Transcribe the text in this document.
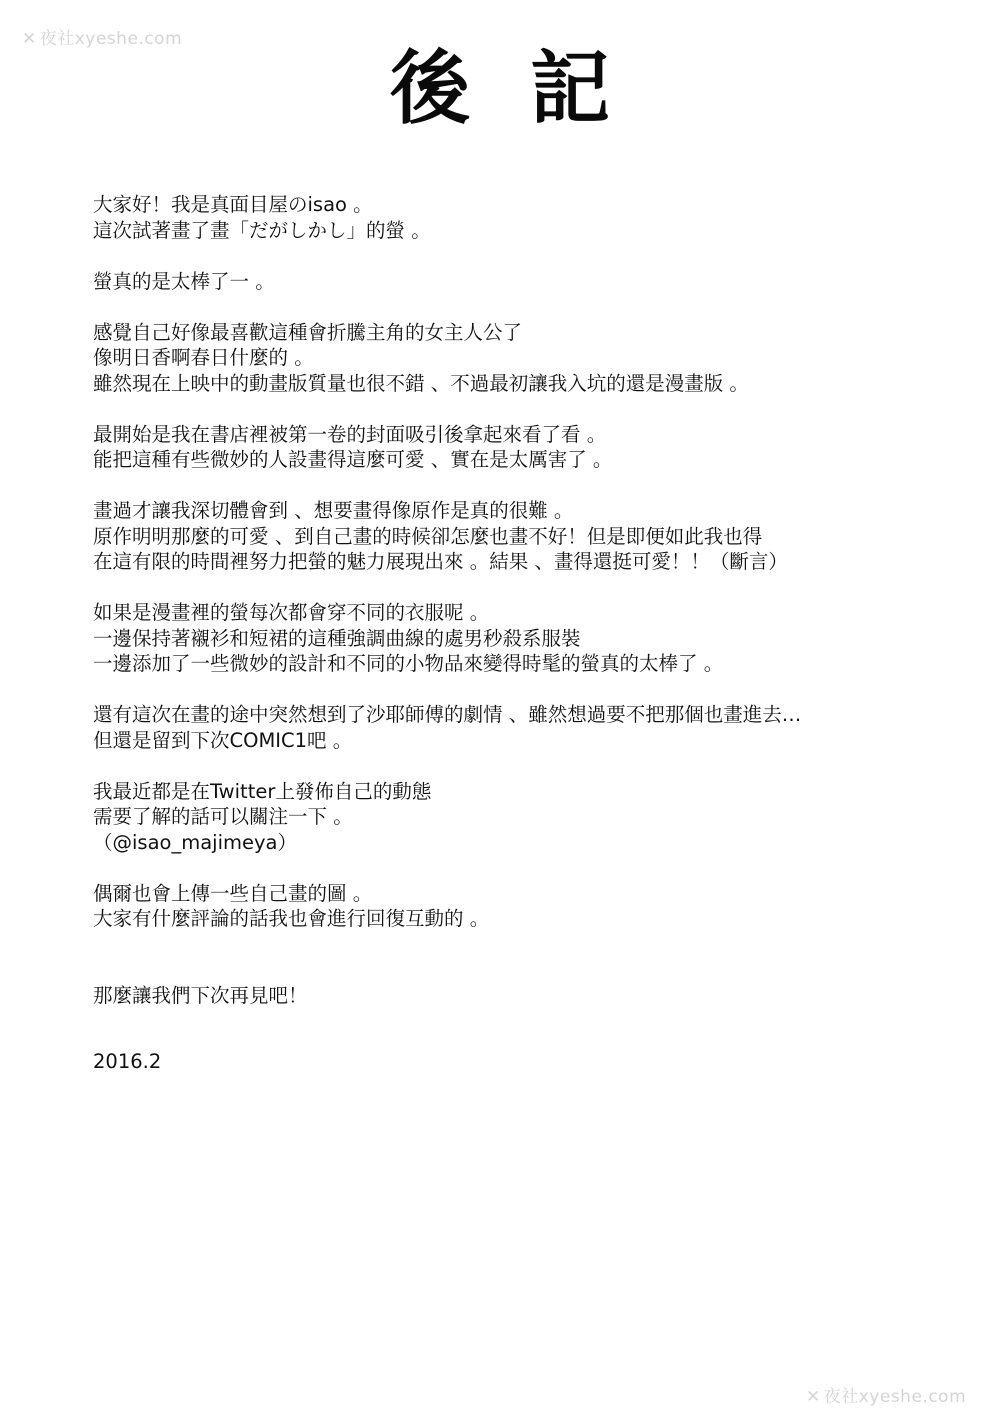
✕ 夜社xyeshe.com
後記
大家好！我是真面目屋のisao 。
這次試著畫了畫「だがしかし」的螢 。
螢真的是太棒了一 。
感覺自己好像最喜歡這種會折騰主角的女主人公了
像明日香啊春日什麼的 。
雖然現在上映中的動畫版質量也很不錯 、不過最初讓我入坑的還是漫畫版 。
最開始是我在書店裡被第一卷的封面吸引後拿起來看了看 。
能把這種有些微妙的人設畫得這麼可愛 、實在是太厲害了 。
畫過才讓我深切體會到 、想要畫得像原作是真的很難 。
原作明明那麼的可愛 、到自己畫的時候卻怎麼也畫不好！但是即便如此我也得
在這有限的時間裡努力把螢的魅力展現出來 。結果 、畫得還挺可愛！！（斷言）
如果是漫畫裡的螢每次都會穿不同的衣服呢 。
一邊保持著襯衫和短裙的這種強調曲線的處男秒殺系服裝
一邊添加了一些微妙的設計和不同的小物品來變得時髦的螢真的太棒了 。
還有這次在畫的途中突然想到了沙耶師傅的劇情 、雖然想過要不把那個也畫進去…
但還是留到下次COMIC1吧 。
我最近都是在Twitter上發佈自己的動態
需要了解的話可以關注一下 。
（@isao_majimeya）
偶爾也會上傳一些自己畫的圖 。
大家有什麼評論的話我也會進行回復互動的 。
那麼讓我們下次再見吧！
2016.2
✕ 夜社xyeshe.com
